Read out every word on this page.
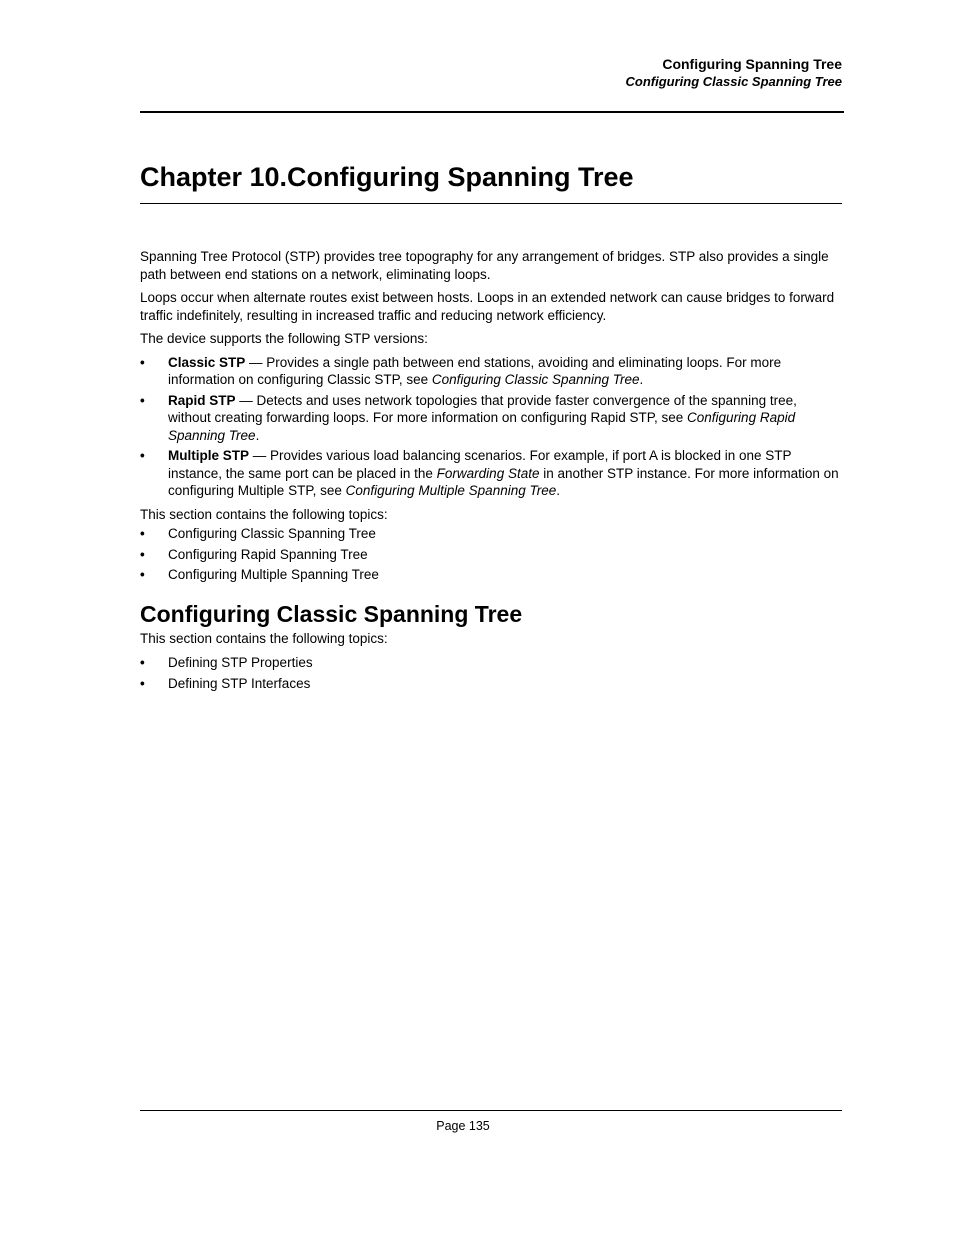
Configuring Spanning Tree
Configuring Classic Spanning Tree
Chapter 10.Configuring Spanning Tree

Spanning Tree Protocol (STP) provides tree topography for any arrangement of bridges. STP also provides a single path between end stations on a network, eliminating loops.

Loops occur when alternate routes exist between hosts. Loops in an extended network can cause bridges to forward traffic indefinitely, resulting in increased traffic and reducing network efficiency.

The device supports the following STP versions:

• Classic STP — Provides a single path between end stations, avoiding and eliminating loops. For more information on configuring Classic STP, see Configuring Classic Spanning Tree.
• Rapid STP — Detects and uses network topologies that provide faster convergence of the spanning tree, without creating forwarding loops. For more information on configuring Rapid STP, see Configuring Rapid Spanning Tree.
• Multiple STP — Provides various load balancing scenarios. For example, if port A is blocked in one STP instance, the same port can be placed in the Forwarding State in another STP instance. For more information on configuring Multiple STP, see Configuring Multiple Spanning Tree.

This section contains the following topics:

• Configuring Classic Spanning Tree
• Configuring Rapid Spanning Tree
• Configuring Multiple Spanning Tree
Configuring Classic Spanning Tree

This section contains the following topics:

• Defining STP Properties
• Defining STP Interfaces
Page 135
